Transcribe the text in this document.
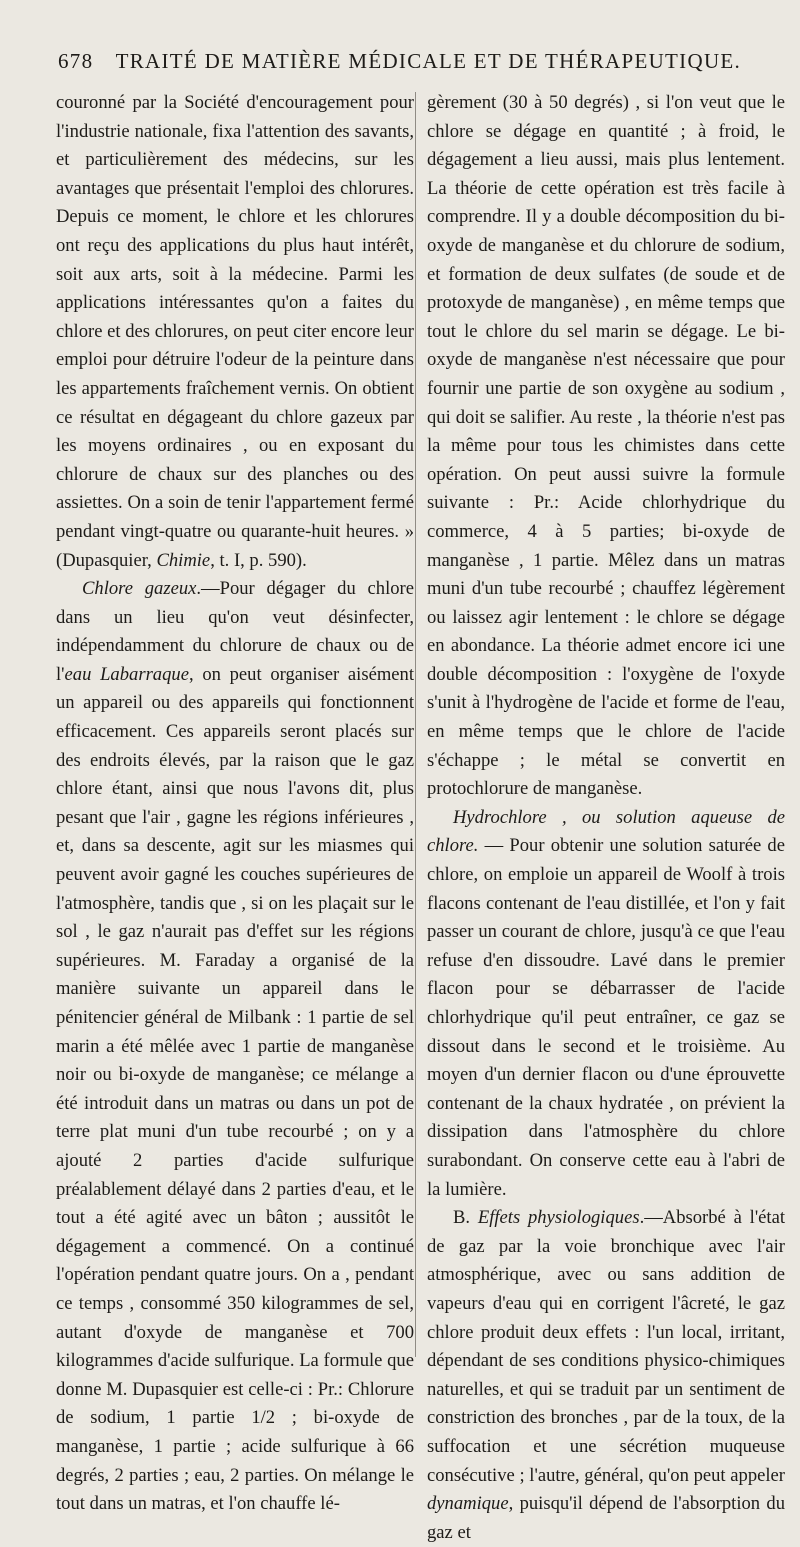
678 TRAITÉ DE MATIÈRE MÉDICALE ET DE THÉRAPEUTIQUE.

couronné par la Société d'encouragement pour l'industrie nationale, fixa l'attention des savants, et particulièrement des médecins, sur les avantages que présentait l'emploi des chlorures. Depuis ce moment, le chlore et les chlorures ont reçu des applications du plus haut intérêt, soit aux arts, soit à la médecine. Parmi les applications intéressantes qu'on a faites du chlore et des chlorures, on peut citer encore leur emploi pour détruire l'odeur de la peinture dans les appartements fraîchement vernis. On obtient ce résultat en dégageant du chlore gazeux par les moyens ordinaires , ou en exposant du chlorure de chaux sur des planches ou des assiettes. On a soin de tenir l'appartement fermé pendant vingt-quatre ou quarante-huit heures. » (Dupasquier, Chimie, t. I, p. 590).

Chlore gazeux.—Pour dégager du chlore dans un lieu qu'on veut désinfecter, indépendamment du chlorure de chaux ou de l'eau Labarraque, on peut organiser aisément un appareil ou des appareils qui fonctionnent efficacement. Ces appareils seront placés sur des endroits élevés, par la raison que le gaz chlore étant, ainsi que nous l'avons dit, plus pesant que l'air , gagne les régions inférieures , et, dans sa descente, agit sur les miasmes qui peuvent avoir gagné les couches supérieures de l'atmosphère, tandis que , si on les plaçait sur le sol , le gaz n'aurait pas d'effet sur les régions supérieures. M. Faraday a organisé de la manière suivante un appareil dans le pénitencier général de Milbank : 1 partie de sel marin a été mêlée avec 1 partie de manganèse noir ou bi-oxyde de manganèse; ce mélange a été introduit dans un matras ou dans un pot de terre plat muni d'un tube recourbé ; on y a ajouté 2 parties d'acide sulfurique préalablement délayé dans 2 parties d'eau, et le tout a été agité avec un bâton ; aussitôt le dégagement a commencé. On a continué l'opération pendant quatre jours. On a , pendant ce temps , consommé 350 kilogrammes de sel, autant d'oxyde de manganèse et 700 kilogrammes d'acide sulfurique. La formule que donne M. Dupasquier est celle-ci : Pr.: Chlorure de sodium, 1 partie 1/2 ; bi-oxyde de manganèse, 1 partie ; acide sulfurique à 66 degrés, 2 parties ; eau, 2 parties. On mélange le tout dans un matras, et l'on chauffe lé-

gèrement (30 à 50 degrés) , si l'on veut que le chlore se dégage en quantité ; à froid, le dégagement a lieu aussi, mais plus lentement. La théorie de cette opération est très facile à comprendre. Il y a double décomposition du bi-oxyde de manganèse et du chlorure de sodium, et formation de deux sulfates (de soude et de protoxyde de manganèse) , en même temps que tout le chlore du sel marin se dégage. Le bi-oxyde de manganèse n'est nécessaire que pour fournir une partie de son oxygène au sodium , qui doit se salifier. Au reste , la théorie n'est pas la même pour tous les chimistes dans cette opération. On peut aussi suivre la formule suivante : Pr.: Acide chlorhydrique du commerce, 4 à 5 parties; bi-oxyde de manganèse , 1 partie. Mêlez dans un matras muni d'un tube recourbé ; chauffez légèrement ou laissez agir lentement : le chlore se dégage en abondance. La théorie admet encore ici une double décomposition : l'oxygène de l'oxyde s'unit à l'hydrogène de l'acide et forme de l'eau, en même temps que le chlore de l'acide s'échappe ; le métal se convertit en protochlorure de manganèse.

Hydrochlore , ou solution aqueuse de chlore. — Pour obtenir une solution saturée de chlore, on emploie un appareil de Woolf à trois flacons contenant de l'eau distillée, et l'on y fait passer un courant de chlore, jusqu'à ce que l'eau refuse d'en dissoudre. Lavé dans le premier flacon pour se débarrasser de l'acide chlorhydrique qu'il peut entraîner, ce gaz se dissout dans le second et le troisième. Au moyen d'un dernier flacon ou d'une éprouvette contenant de la chaux hydratée , on prévient la dissipation dans l'atmosphère du chlore surabondant. On conserve cette eau à l'abri de la lumière.

B. Effets physiologiques.—Absorbé à l'état de gaz par la voie bronchique avec l'air atmosphérique, avec ou sans addition de vapeurs d'eau qui en corrigent l'âcreté, le gaz chlore produit deux effets : l'un local, irritant, dépendant de ses conditions physico-chimiques naturelles, et qui se traduit par un sentiment de constriction des bronches , par de la toux, de la suffocation et une sécrétion muqueuse consécutive ; l'autre, général, qu'on peut appeler dynamique, puisqu'il dépend de l'absorption du gaz et
